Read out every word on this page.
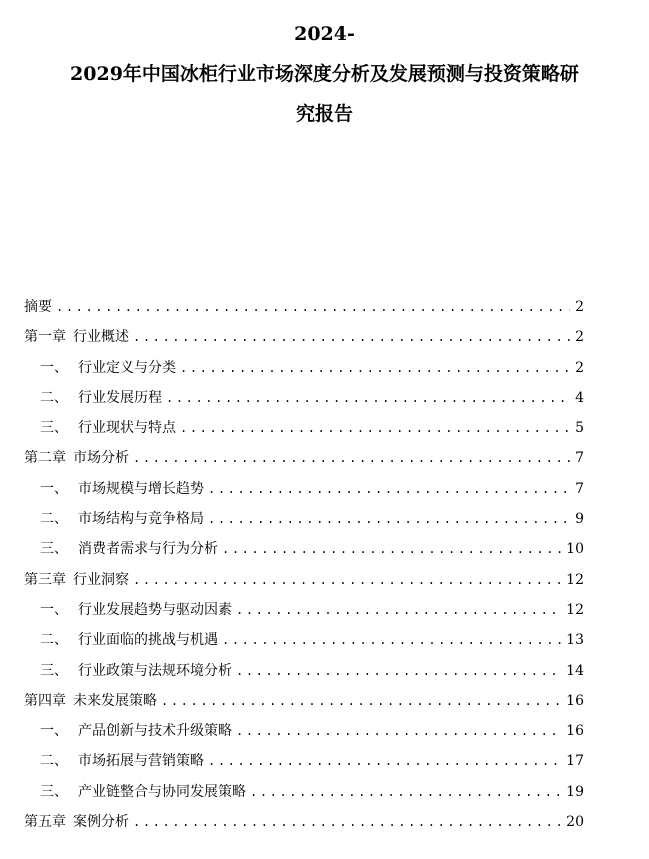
2024-
2029年中国冰柜行业市场深度分析及发展预测与投资策略研
究报告
摘要 .....	2
第一章 行业概述 .....	2
一、 行业定义与分类 .....	2
二、 行业发展历程 .....	4
三、 行业现状与特点 .....	5
第二章 市场分析 .....	7
一、 市场规模与增长趋势 .....	7
二、 市场结构与竞争格局 .....	9
三、 消费者需求与行为分析 .....	10
第三章 行业洞察 .....	12
一、 行业发展趋势与驱动因素 .....	12
二、 行业面临的挑战与机遇 .....	13
三、 行业政策与法规环境分析 .....	14
第四章 未来发展策略 .....	16
一、 产品创新与技术升级策略 .....	16
二、 市场拓展与营销策略 .....	17
三、 产业链整合与协同发展策略 .....	19
第五章 案例分析 .....	20
